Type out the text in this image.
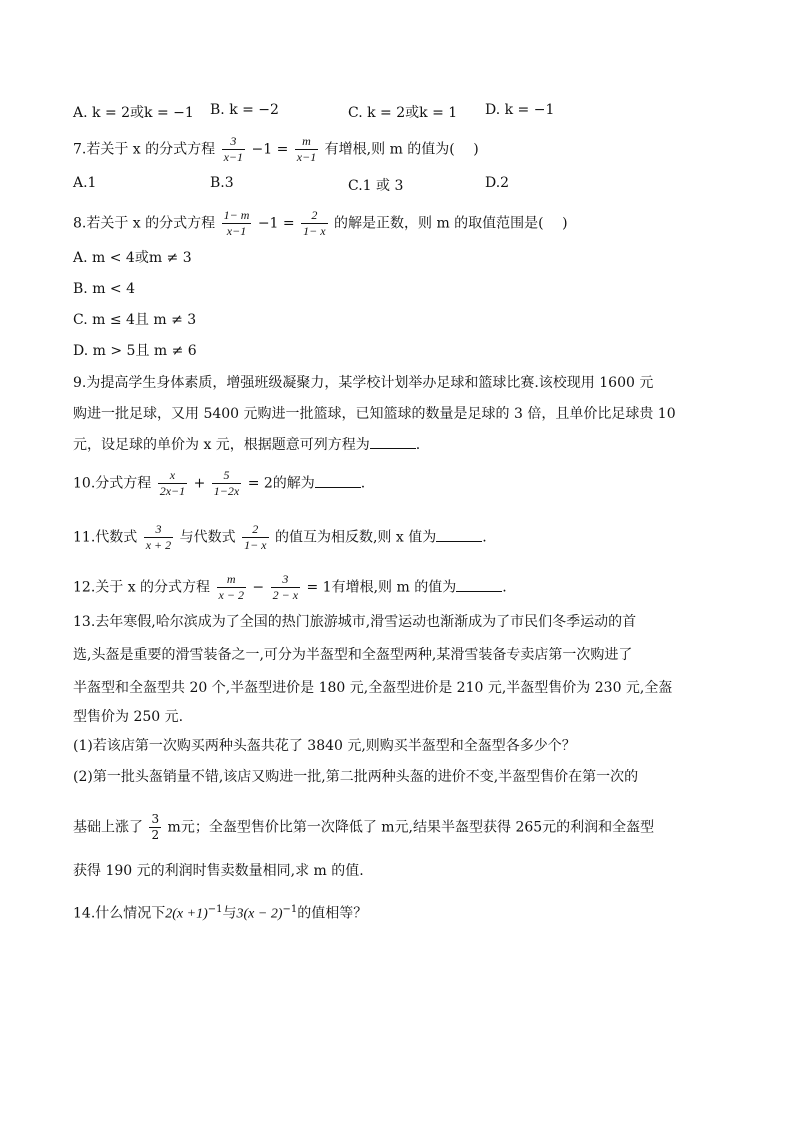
A. k = 2或k = −1 B. k = −2	C. k = 2或k = 1 D. k = −1
7.若关于 x 的分式方程 $\frac{3}{x-1} -1 = \frac{m}{x-1}$ 有增根,则 m 的值为(　 )
A.1	B.3	C.1 或 3	D.2
8.若关于 x 的分式方程 $\frac{1- m}{x-1} -1 = \frac{2}{1- x}$ 的解是正数，则 m 的取值范围是(　 )
A. m < 4或m ≠ 3
B. m < 4
C. m ≤ 4且 m ≠ 3
D. m > 5且 m ≠ 6
9.为提高学生身体素质，增强班级凝聚力，某学校计划举办足球和篮球比赛.该校现用 1600 元
购进一批足球，又用 5400 元购进一批篮球，已知篮球的数量是足球的 3 倍，且单价比足球贵 10
元，设足球的单价为 x 元，根据题意可列方程为	.
10.分式方程 $\frac{x}{2x-1} + \frac{5}{1-2x} = 2$的解为	.
11.代数式 $\frac{3}{x + 2}$ 与代数式 $\frac{2}{1- x}$ 的值互为相反数,则 x 值为	.
12.关于 x 的分式方程 $\frac{m}{x - 2} - \frac{3}{2 - x} = 1$有增根,则 m 的值为	.
13.去年寒假,哈尔滨成为了全国的热门旅游城市,滑雪运动也渐渐成为了市民们冬季运动的首
选,头盔是重要的滑雪装备之一,可分为半盔型和全盔型两种,某滑雪装备专卖店第一次购进了
半盔型和全盔型共 20 个,半盔型进价是 180 元,全盔型进价是 210 元,半盔型售价为 230 元,全盔
型售价为 250 元.
(1)若该店第一次购买两种头盔共花了 3840 元,则购买半盔型和全盔型各多少个？
(2)第一批头盔销量不错,该店又购进一批,第二批两种头盔的进价不变,半盔型售价在第一次的
基础上涨了 $\frac{3}{2}$ m元；全盔型售价比第一次降低了 m元,结果半盔型获得 265元的利润和全盔型
获得 190 元的利润时售卖数量相同,求 m 的值.
14.什么情况下$2(x +1)^{-1}$与$3(x - 2)^{-1}$的值相等？
